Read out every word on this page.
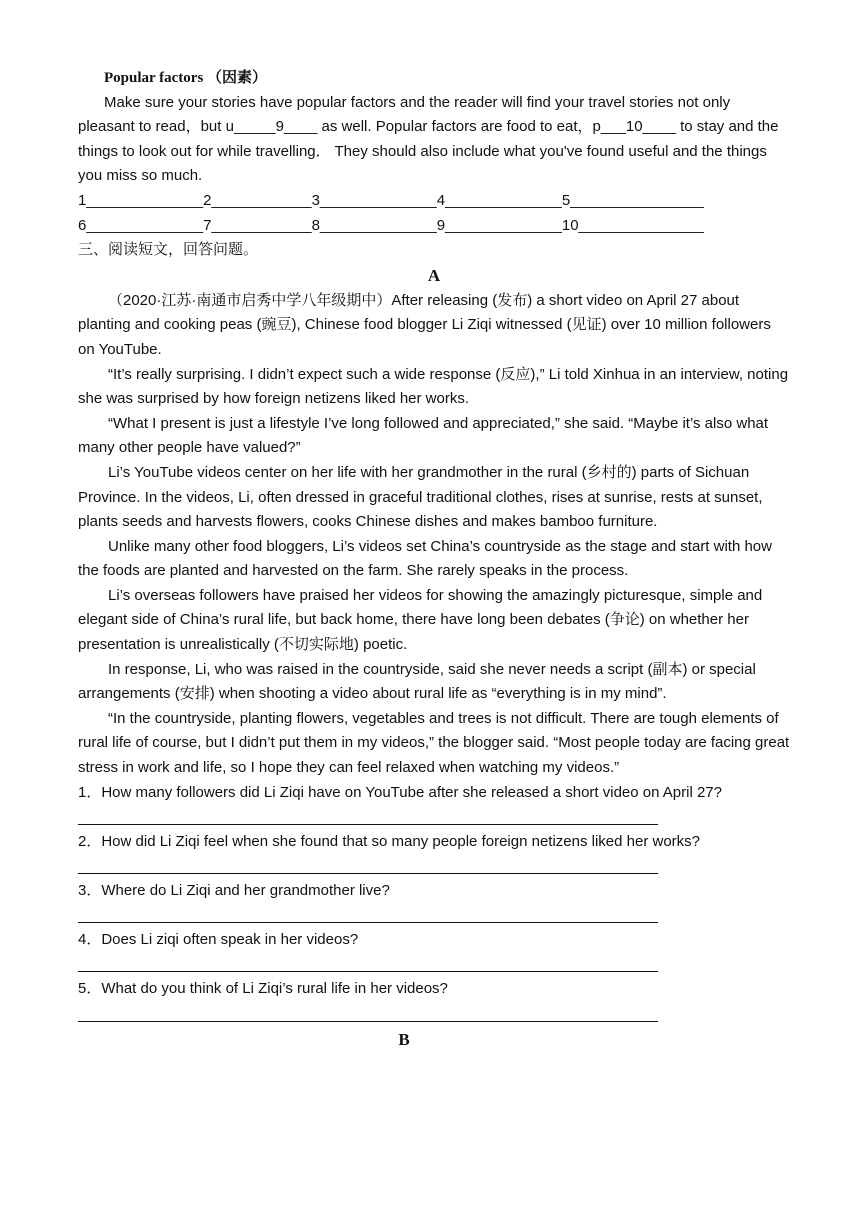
Popular factors （因素）

Make sure your stories have popular factors and the reader will find your travel stories not only pleasant to read，but u_____9____ as well. Popular factors are food to eat，p___10____ to stay and the things to look out for while travelling． They should also include what you've found useful and the things you miss so much.

1______________2____________3______________4______________5________________
6______________7____________8______________9______________10_______________
三、阅读短文，回答问题。
A

（2020·江苏·南通市启秀中学八年级期中）After releasing (发布) a short video on April 27 about planting and cooking peas (豌豆), Chinese food blogger Li Ziqi witnessed (见证) over 10 million followers on YouTube.

“It’s really surprising. I didn’t expect such a wide response (反应),” Li told Xinhua in an interview, noting she was surprised by how foreign netizens liked her works.

“What I present is just a lifestyle I’ve long followed and appreciated,” she said. “Maybe it’s also what many other people have valued?”

Li’s YouTube videos center on her life with her grandmother in the rural (乡村的) parts of Sichuan Province. In the videos, Li, often dressed in graceful traditional clothes, rises at sunrise, rests at sunset, plants seeds and harvests flowers, cooks Chinese dishes and makes bamboo furniture.

Unlike many other food bloggers, Li’s videos set China’s countryside as the stage and start with how the foods are planted and harvested on the farm. She rarely speaks in the process.

Li’s overseas followers have praised her videos for showing the amazingly picturesque, simple and elegant side of China’s rural life, but back home, there have long been debates (争论) on whether her presentation is unrealistically (不切实际地) poetic.

In response, Li, who was raised in the countryside, said she never needs a script (副本) or special arrangements (安排) when shooting a video about rural life as “everything is in my mind”.

“In the countryside, planting flowers, vegetables and trees is not difficult. There are tough elements of rural life of course, but I didn’t put them in my videos,” the blogger said. “Most people today are facing great stress in work and life, so I hope they can feel relaxed when watching my videos.”

1．How many followers did Li Ziqi have on YouTube after she released a short video on April 27?
2．How did Li Ziqi feel when she found that so many people foreign netizens liked her works?
3．Where do Li Ziqi and her grandmother live?
4．Does Li ziqi often speak in her videos?
5．What do you think of Li Ziqi’s rural life in her videos?
B
